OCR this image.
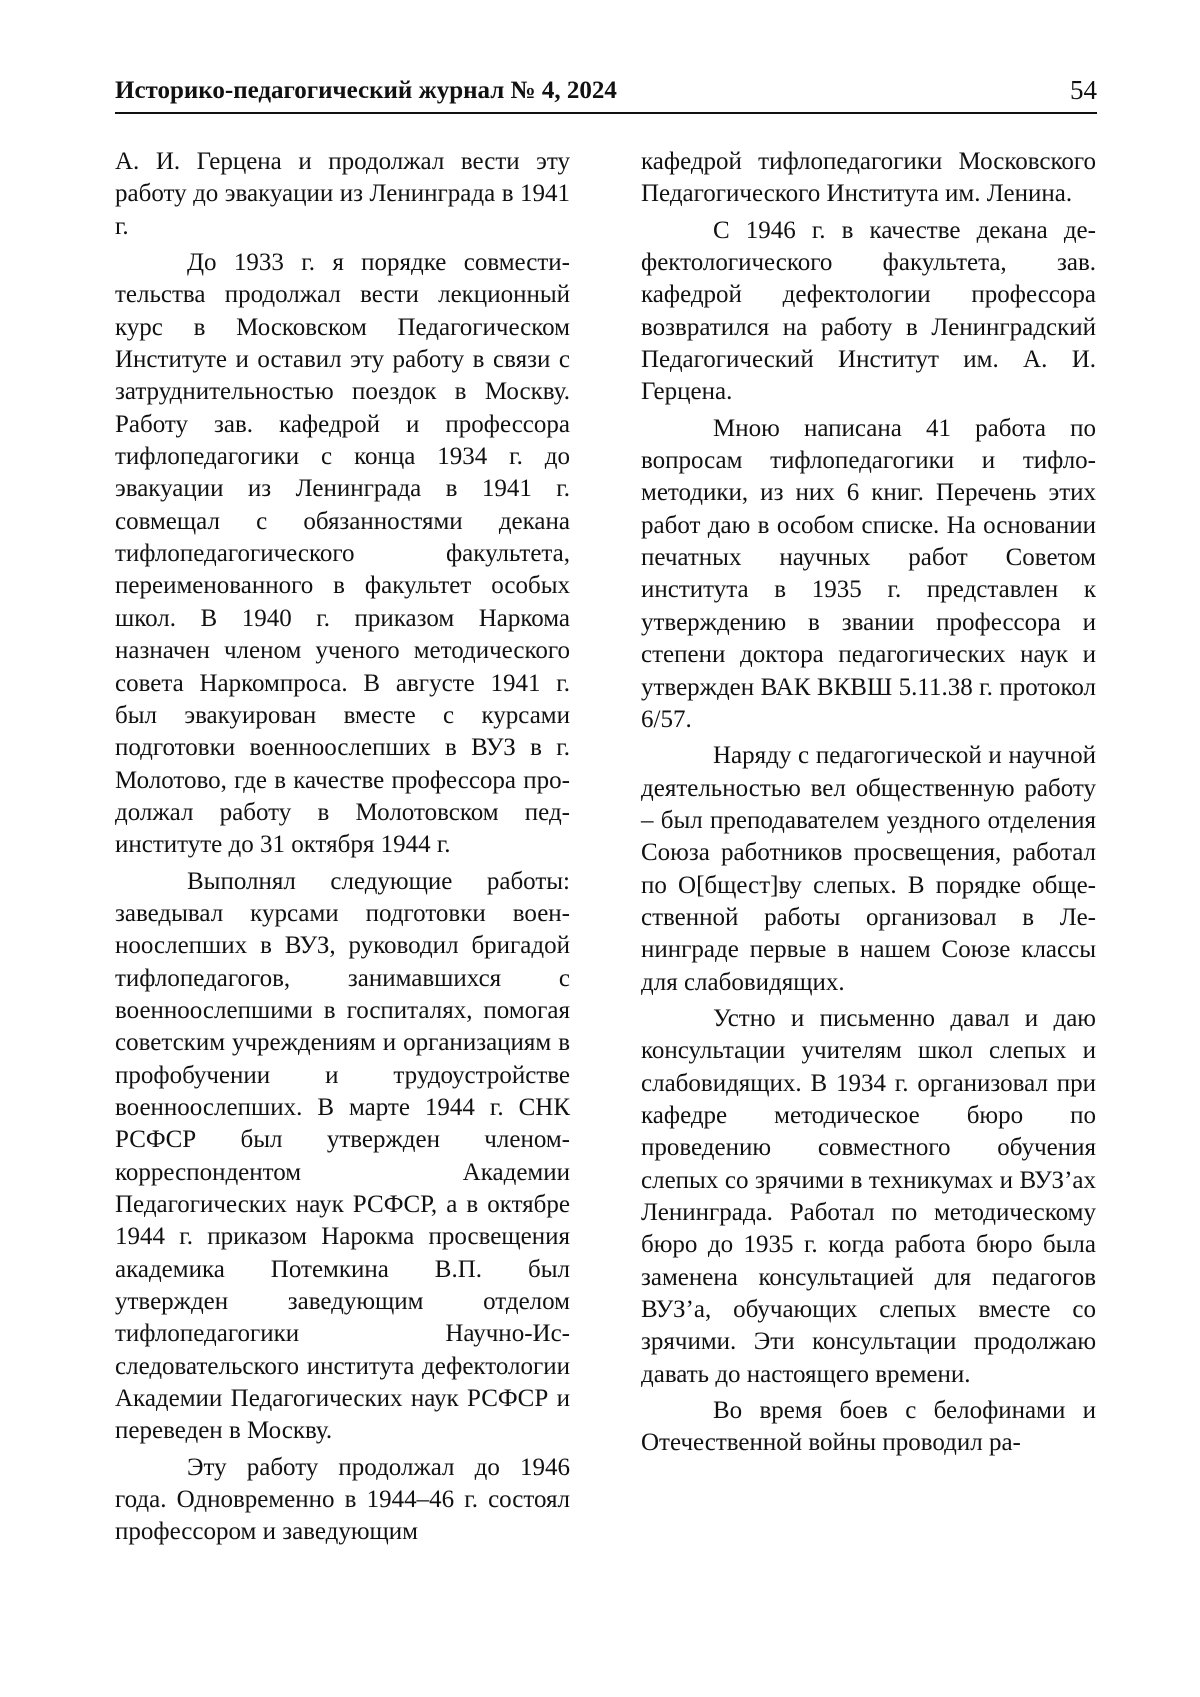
Историко-педагогический журнал № 4, 2024	54

А. И. Герцена и продолжал вести эту работу до эвакуации из Ленинграда в 1941 г.

До 1933 г. я порядке совместительства продолжал вести лекционный курс в Московском Педагогическом Институте и оставил эту работу в связи с затруднительностью поездок в Москву. Работу зав. кафедрой и профессора тифлопедагогики с конца 1934 г. до эвакуации из Ленинграда в 1941 г. совмещал с обязанностями декана тифлопедагогического факультета, переименованного в факультет особых школ. В 1940 г. приказом Наркома назначен членом ученого методического совета Наркомпроса. В августе 1941 г. был эвакуирован вместе с курсами подготовки военноослепших в ВУЗ в г. Молотово, где в качестве профессора продолжал работу в Молотовском пединституте до 31 октября 1944 г.

Выполнял следующие работы: заведывал курсами подготовки военноослепших в ВУЗ, руководил бригадой тифлопедагогов, занимавшихся с военноослепшими в госпиталях, помогая советским учреждениям и организациям в профобучении и трудоустройстве военноослепших. В марте 1944 г. СНК РСФСР был утвержден членом-корреспондентом Академии Педагогических наук РСФСР, а в октябре 1944 г. приказом Нарокма просвещения академика Потемкина В.П. был утвержден заведующим отделом тифлопедагогики Научно-Исследовательского института дефектологии Академии Педагогических наук РСФСР и переведен в Москву.

Эту работу продолжал до 1946 года. Одновременно в 1944–46 г. состоял профессором и заведующим

кафедрой тифлопедагогики Московского Педагогического Института им. Ленина.

С 1946 г. в качестве декана дефектологического факультета, зав. кафедрой дефектологии профессора возвратился на работу в Ленинградский Педагогический Институт им. А. И. Герцена.

Мною написана 41 работа по вопросам тифлопедагогики и тифлометодики, из них 6 книг. Перечень этих работ даю в особом списке. На основании печатных научных работ Советом института в 1935 г. представлен к утверждению в звании профессора и степени доктора педагогических наук и утвержден ВАК ВКВШ 5.11.38 г. протокол 6/57.

Наряду с педагогической и научной деятельностью вел общественную работу – был преподавателем уездного отделения Союза работников просвещения, работал по О[бщест]ву слепых. В порядке общественной работы организовал в Ленинграде первые в нашем Союзе классы для слабовидящих.

Устно и письменно давал и даю консультации учителям школ слепых и слабовидящих. В 1934 г. организовал при кафедре методическое бюро по проведению совместного обучения слепых со зрячими в техникумах и ВУЗ’ах Ленинграда. Работал по методическому бюро до 1935 г. когда работа бюро была заменена консультацией для педагогов ВУЗ’а, обучающих слепых вместе со зрячими. Эти консультации продолжаю давать до настоящего времени.

Во время боев с белофинами и Отечественной войны проводил ра-
